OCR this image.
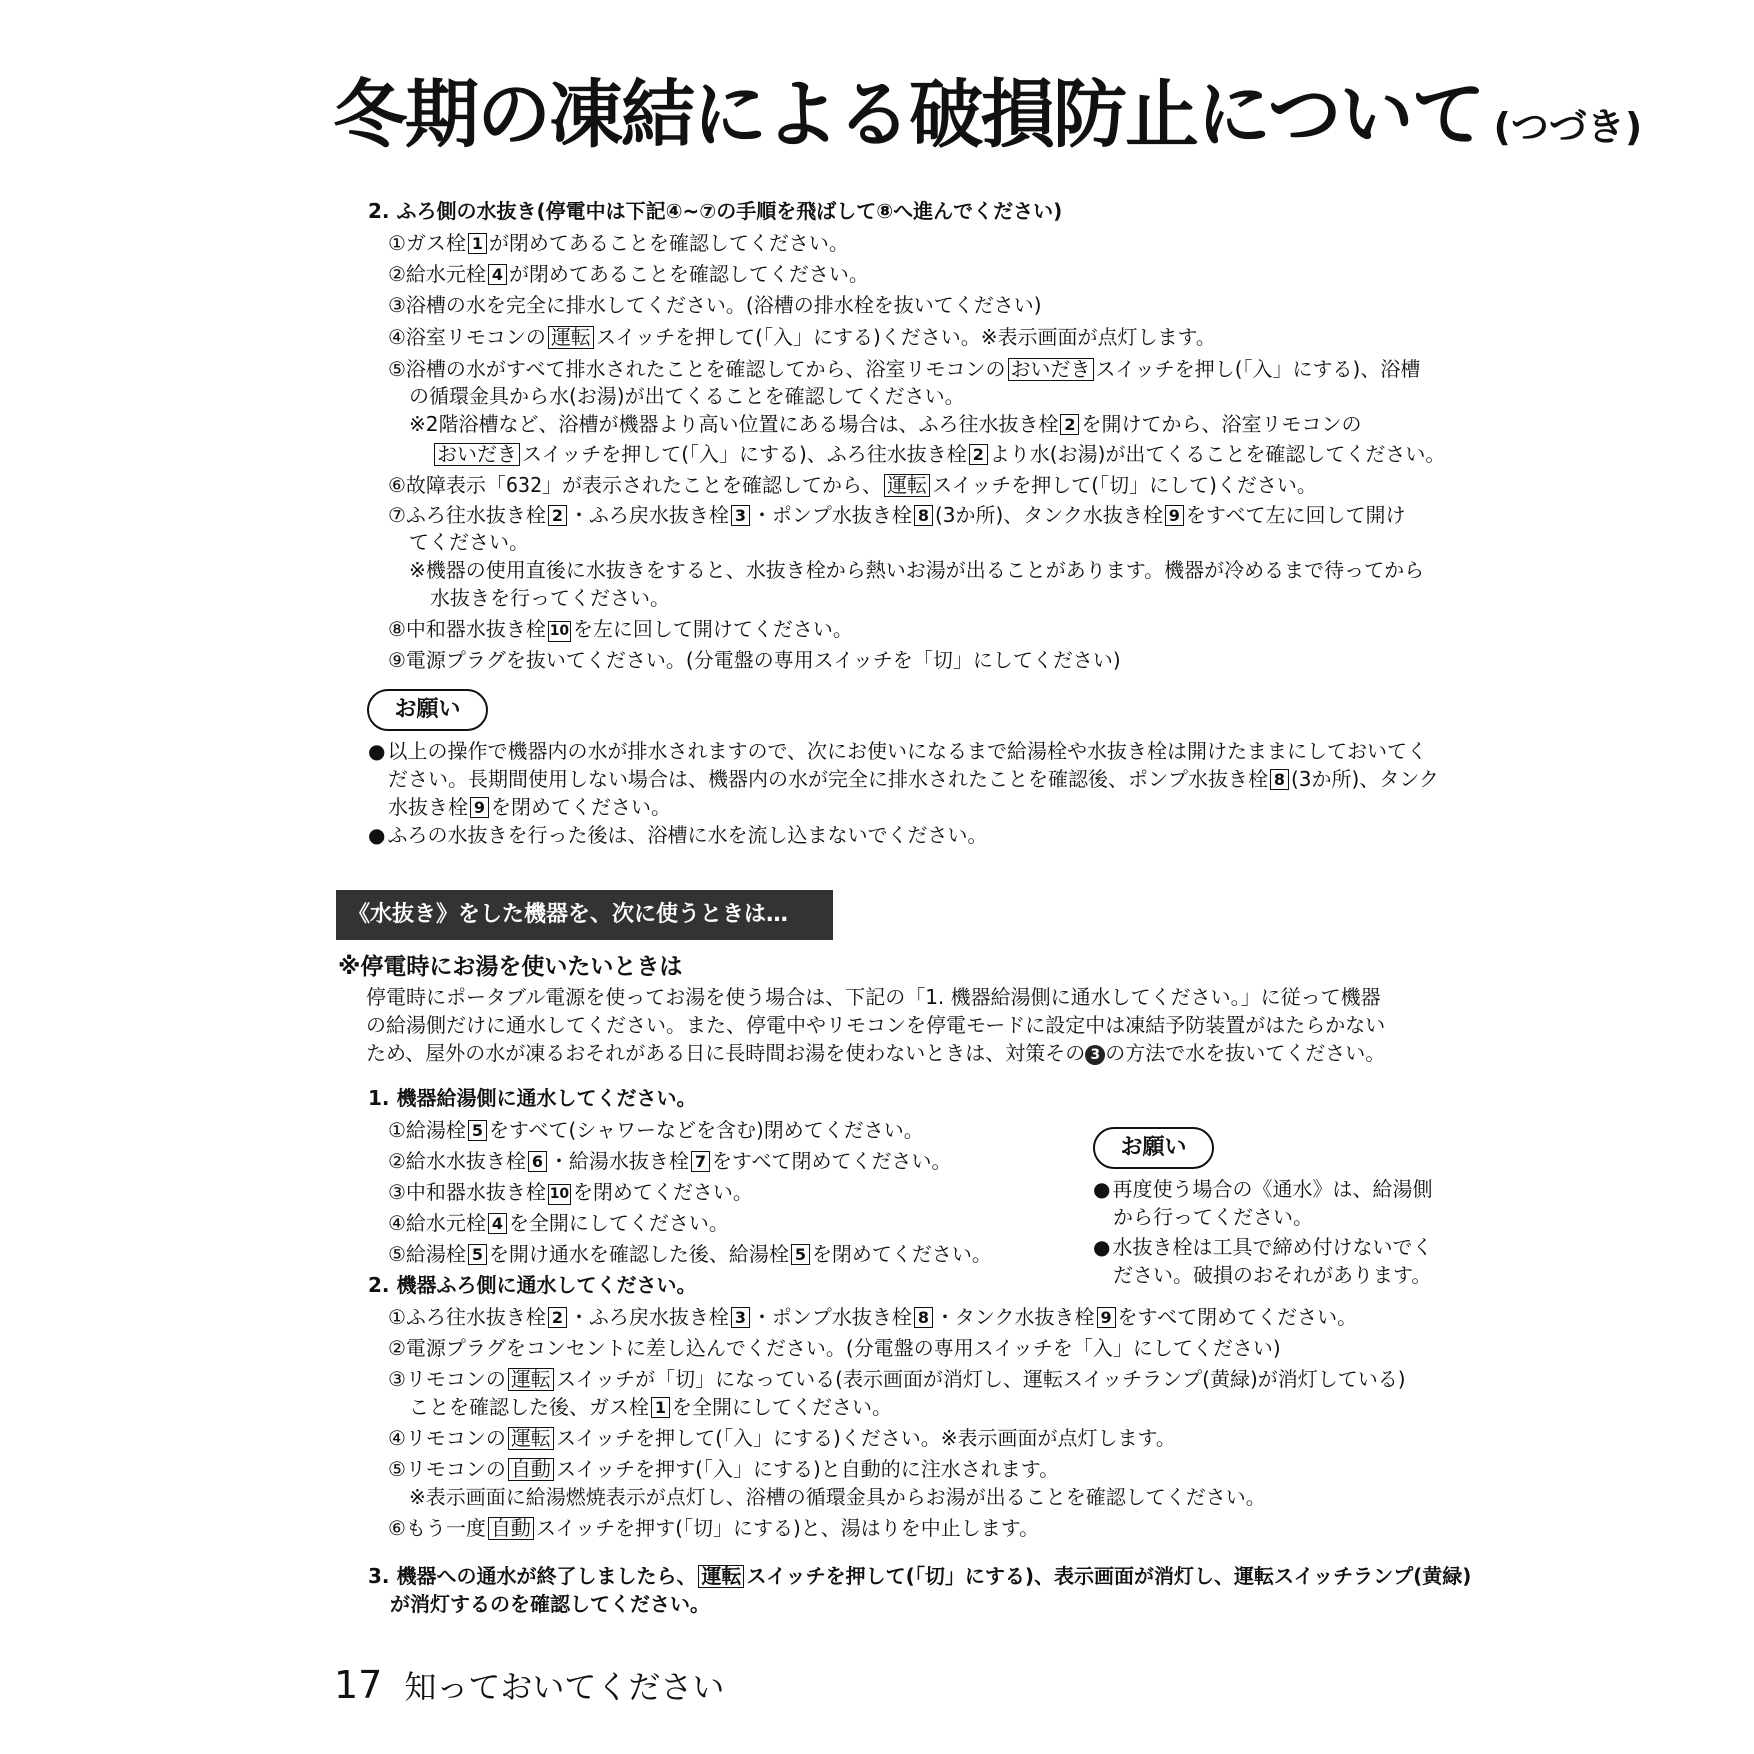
冬期の凍結による破損防止について (つづき)
2. ふろ側の水抜き(停電中は下記④~⑦の手順を飛ばして⑧へ進んでください)
①ガス栓 1 が閉めてあることを確認してください。
②給水元栓 4 が閉めてあることを確認してください。
③浴槽の水を完全に排水してください。(浴槽の排水栓を抜いてください)
④浴室リモコンの 運転 スイッチを押して(「入」にする)ください。※表示画面が点灯します。
⑤浴槽の水がすべて排水されたことを確認してから、浴室リモコンの おいだき スイッチを押し(「入」にする)、浴槽
の循環金具から水(お湯)が出てくることを確認してください。
※2階浴槽など、浴槽が機器より高い位置にある場合は、ふろ往水抜き栓 2 を開けてから、浴室リモコンの
おいだき スイッチを押して(「入」にする)、ふろ往水抜き栓 2 より水(お湯)が出てくることを確認してください。
⑥故障表示「632」が表示されたことを確認してから、 運転 スイッチを押して(「切」にして)ください。
⑦ふろ往水抜き栓 2 ・ふろ戻水抜き栓 3 ・ポンプ水抜き栓 8 (3か所)、タンク水抜き栓 9 をすべて左に回して開け
てください。
※機器の使用直後に水抜きをすると、水抜き栓から熱いお湯が出ることがあります。機器が冷めるまで待ってから
水抜きを行ってください。
⑧中和器水抜き栓 10 を左に回して開けてください。
⑨電源プラグを抜いてください。(分電盤の専用スイッチを「切」にしてください)
お願い
● 以上の操作で機器内の水が排水されますので、次にお使いになるまで給湯栓や水抜き栓は開けたままにしておいてく
ださい。長期間使用しない場合は、機器内の水が完全に排水されたことを確認後、ポンプ水抜き栓 8 (3か所)、タンク
水抜き栓 9 を閉めてください。
● ふろの水抜きを行った後は、浴槽に水を流し込まないでください。
《水抜き》をした機器を、次に使うときは…
※停電時にお湯を使いたいときは
停電時にポータブル電源を使ってお湯を使う場合は、下記の「1. 機器給湯側に通水してください。」に従って機器
の給湯側だけに通水してください。また、停電中やリモコンを停電モードに設定中は凍結予防装置がはたらかない
ため、屋外の水が凍るおそれがある日に長時間お湯を使わないときは、対策その 3 の方法で水を抜いてください。
1. 機器給湯側に通水してください。
①給湯栓 5 をすべて(シャワーなどを含む)閉めてください。
②給水水抜き栓 6 ・給湯水抜き栓 7 をすべて閉めてください。
③中和器水抜き栓 10 を閉めてください。
④給水元栓 4 を全開にしてください。
⑤給湯栓 5 を開け通水を確認した後、給湯栓 5 を閉めてください。
お願い
● 再度使う場合の《通水》は、給湯側
から行ってください。
● 水抜き栓は工具で締め付けないでく
ださい。破損のおそれがあります。
2. 機器ふろ側に通水してください。
①ふろ往水抜き栓 2 ・ふろ戻水抜き栓 3 ・ポンプ水抜き栓 8 ・タンク水抜き栓 9 をすべて閉めてください。
②電源プラグをコンセントに差し込んでください。(分電盤の専用スイッチを「入」にしてください)
③リモコンの 運転 スイッチが「切」になっている(表示画面が消灯し、運転スイッチランプ(黄緑)が消灯している)
ことを確認した後、ガス栓 1 を全開にしてください。
④リモコンの 運転 スイッチを押して(「入」にする)ください。※表示画面が点灯します。
⑤リモコンの 自動 スイッチを押す(「入」にする)と自動的に注水されます。
※表示画面に給湯燃焼表示が点灯し、浴槽の循環金具からお湯が出ることを確認してください。
⑥もう一度 自動 スイッチを押す(「切」にする)と、湯はりを中止します。
3. 機器への通水が終了しましたら、 運転 スイッチを押して(「切」にする)、表示画面が消灯し、運転スイッチランプ(黄緑)
が消灯するのを確認してください。
17 知っておいてください
